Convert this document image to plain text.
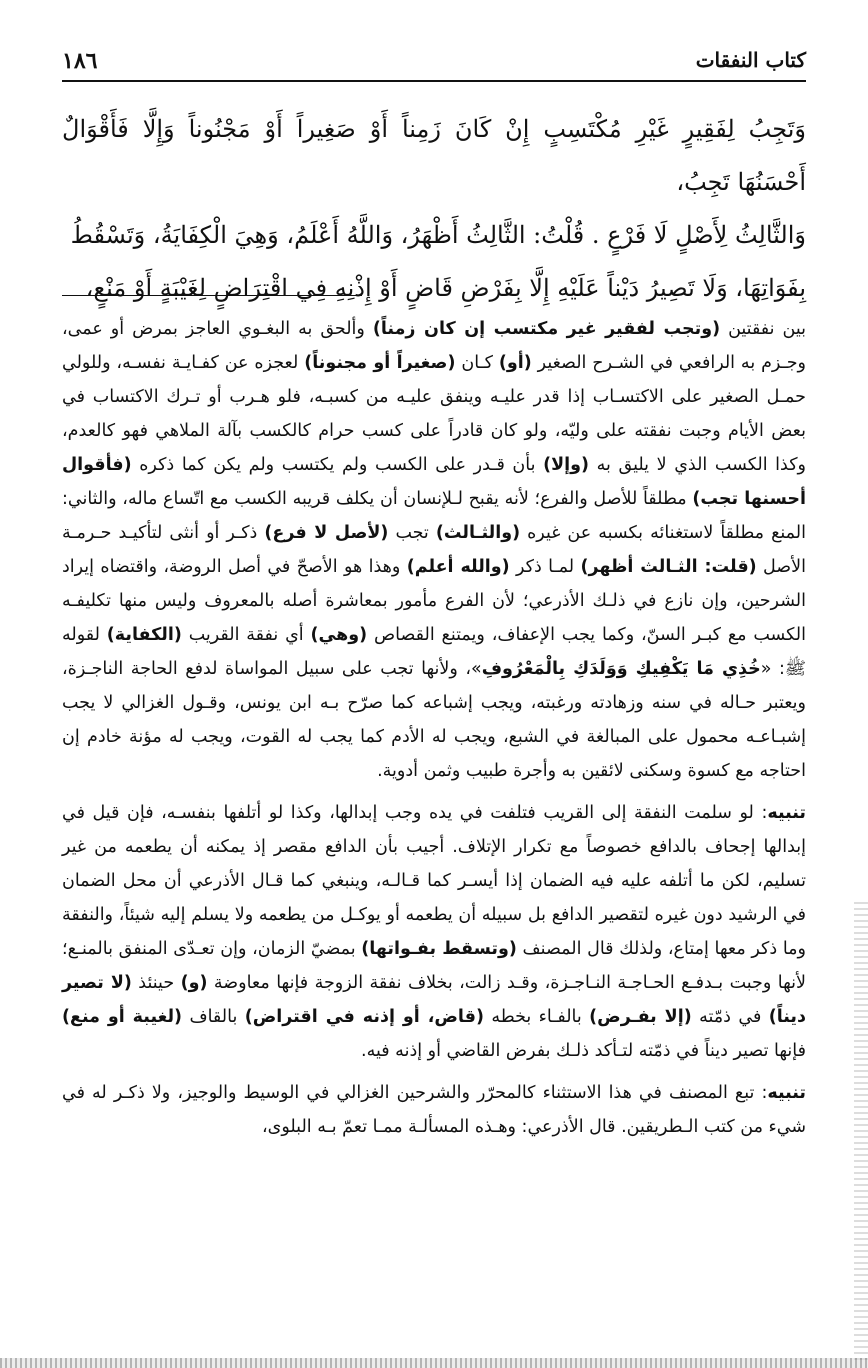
كتاب النفقات
١٨٦

وَتَجِبُ لِفَقِيرٍ غَيْرِ مُكْتَسِبٍ إِنْ كَانَ زَمِناً أَوْ صَغِيراً أَوْ مَجْنُوناً وَإِلَّا فَأَقْوَالٌ أَحْسَنُهَا تَجِبُ،

وَالثَّالِثُ لِأَصْلٍ لَا فَرْعٍ . قُلْتُ: الثَّالِثُ أَظْهَرُ، وَاللَّهُ أَعْلَمُ، وَهِيَ الْكِفَايَةُ، وَتَسْقُطُ

بِفَوَاتِهَا، وَلَا تَصِيرُ دَيْناً عَلَيْهِ إِلَّا بِفَرْضِ قَاضٍ أَوْ إِذْنِهِ فِي اقْتِرَاضٍ لِغَيْبَةٍ أَوْ مَنْعٍ،

بين نفقتين (وتجب لفقير غير مكتسب إن كان زمناً) وألحق به البغـوي العاجز بمرض أو عمى، وجـزم به الرافعي في الشـرح الصغير (أو) كـان (صغيراً أو مجنوناً) لعجزه عن كفـايـة نفسـه، وللولي حمـل الصغير على الاكتسـاب إذا قدر عليـه وينفق عليـه من كسبـه، فلو هـرب أو تـرك الاكتساب في بعض الأيام وجبت نفقته على وليّه، ولو كان قادراً على كسب حرام كالكسب بآلة الملاهي فهو كالعدم، وكذا الكسب الذي لا يليق به (وإلا) بأن قـدر على الكسب ولم يكتسب ولم يكن كما ذكره (فأقوال أحسنها تجب) مطلقاً للأصل والفرع؛ لأنه يقبح لـلإنسان أن يكلف قريبه الكسب مع اتّساع ماله، والثاني: المنع مطلقاً لاستغنائه بكسبه عن غيره (والثـالث) تجب (لأصل لا فرع) ذكـر أو أنثى لتأكيـد حـرمـة الأصل (قلت: الثـالث أظهر) لمـا ذكر (والله أعلم) وهذا هو الأصحّ في أصل الروضة، واقتضاه إيراد الشرحين، وإن نازع في ذلـك الأذرعي؛ لأن الفرع مأمور بمعاشرة أصله بالمعروف وليس منها تكليفـه الكسب مع كبـر السنّ، وكما يجب الإعفاف، ويمتنع القصاص (وهي) أي نفقة القريب (الكفاية) لقوله ﷺ: «خُذِي مَا يَكْفِيكِ وَوَلَدَكِ بِالْمَعْرُوفِ»، ولأنها تجب على سبيل المواساة لدفع الحاجة الناجـزة، ويعتبر حـاله في سنه وزهادته ورغبته، ويجب إشباعه كما صرّح بـه ابن يونس، وقـول الغزالي لا يجب إشبـاعـه محمول على المبالغة في الشبع، ويجب له الأدم كما يجب له القوت، ويجب له مؤنة خادم إن احتاجه مع كسوة وسكنى لائقين به وأجرة طبيب وثمن أدوية.

تنبيه: لو سلمت النفقة إلى القريب فتلفت في يده وجب إبدالها، وكذا لو أتلفها بنفسـه، فإن قيل في إبدالها إجحاف بالدافع خصوصاً مع تكرار الإتلاف. أجيب بأن الدافع مقصر إذ يمكنه أن يطعمه من غير تسليم، لكن ما أتلفه عليه فيه الضمان إذا أيسـر كما قـالـه، وينبغي كما قـال الأذرعي أن محل الضمان في الرشيد دون غيره لتقصير الدافع بل سبيله أن يطعمه أو يوكـل من يطعمه ولا يسلم إليه شيئاً، والنفقة وما ذكر معها إمتاع، ولذلك قال المصنف (وتسقط بفـواتها) بمضيّ الزمان، وإن تعـدّى المنفق بالمنـع؛ لأنها وجبت بـدفـع الحـاجـة النـاجـزة، وقـد زالت، بخلاف نفقة الزوجة فإنها معاوضة (و) حينئذ (لا تصير ديناً) في ذمّته (إلا بفـرض) بالفـاء بخطه (قاض، أو إذنه في اقتراض) بالقاف (لغيبة أو منع) فإنها تصير ديناً في ذمّته لتـأكد ذلـك بفرض القاضي أو إذنه فيه.

تنبيه: تبع المصنف في هذا الاستثناء كالمحرّر والشرحين الغزالي في الوسيط والوجيز، ولا ذكـر له في شيء من كتب الـطريقين. قال الأذرعي: وهـذه المسألـة ممـا تعمّ بـه البلوى،
